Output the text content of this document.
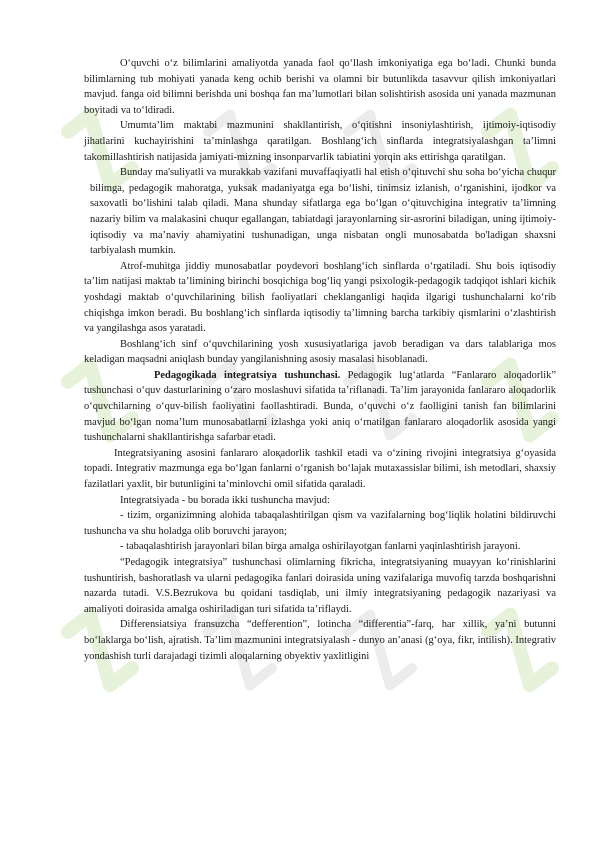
O‘quvchi o‘z bilimlarini amaliyotda yanada faol qo‘llash imkoniyatiga ega bo‘ladi. Chunki bunda bilimlarning tub mohiyati yanada keng ochib berishi va olamni bir butunlikda tasavvur qilish imkoniyatlari mavjud. fanga oid bilimni berishda uni boshqa fan ma’lumotlari bilan solishtirish asosida uni yanada mazmunan boyitadi va to‘ldiradi.

Umumta’lim maktabi mazmunini shakllantirish, o‘qitishni insoniylashtirish, ijtimoiy-iqtisodiy jihatlarini kuchayirishini ta’minlashga qaratilgan. Boshlang‘ich sinflarda integratsiyalashgan ta’limni takomillashtirish natijasida jamiyati-mizning insonparvarlik tabiatini yorqin aks ettirishga qaratilgan.

Bunday ma'suliyatli va murakkab vazifani muvaffaqiyatli hal etish o‘qituvchi shu soha bo‘yicha chuqur bilimga, pedagogik mahoratga, yuksak madaniyatga ega bo‘lishi, tinimsiz izlanish, o‘rganishini, ijodkor va saxovatli bo‘lishini talab qiladi. Mana shunday sifatlarga ega bo‘lgan o‘qituvchigina integrativ ta’limning nazariy bilim va malakasini chuqur egallangan, tabiatdagi jarayonlarning sir-asrorini biladigan, uning ijtimoiy-iqtisodiy va ma’naviy ahamiyatini tushunadigan, unga nisbatan ongli munosabatda bo'ladigan shaxsni tarbiyalash mumkin.

Atrof-muhitga jiddiy munosabatlar poydevori boshlang‘ich sinflarda o‘rgatiladi. Shu bois iqtisodiy ta’lim natijasi maktab ta’limining birinchi bosqichiga bog‘liq yangi psixologik-pedagogik tadqiqot ishlari kichik yoshdagi maktab o‘quvchilarining bilish faoliyatlari cheklanganligi haqida ilgarigi tushunchalarni ko‘rib chiqishga imkon beradi. Bu boshlang‘ich sinflarda iqtisodiy ta’limning barcha tarkibiy qismlarini o‘zlashtirish va yangilashga asos yaratadi.

Boshlang‘ich sinf o‘quvchilarining yosh xususiyatlariga javob beradigan va dars talablariga mos keladigan maqsadni aniqlash bunday yangilanishning asosiy masalasi hisoblanadi.

Pedagogikada integratsiya tushunchasi. Pedagogik lug‘atlarda “Fanlararo aloqadorlik” tushunchasi o‘quv dasturlarining o‘zaro moslashuvi sifatida ta’riflanadi. Ta’lim jarayonida fanlararo aloqadorlik o‘quvchilarning o‘quv-bilish faoliyatini faollashtiradi. Bunda, o‘quvchi o‘z faolligini tanish fan bilimlarini mavjud bo‘lgan noma’lum munosabatlarni izlashga yoki aniq o‘rnatilgan fanlararo aloqadorlik asosida yangi tushunchalarni shakllantirishga safarbar etadi.

Integratsiyaning asosini fanlararo aloқadorlik tashkil etadi va o‘zining rivojini integratsiya g‘oyasida topadi. Integrativ mazmunga ega bo‘lgan fanlarni o‘rganish bo‘lajak mutaxassislar bilimi, ish metodlari, shaxsiy fazilatlari yaxlit, bir butunligini ta’minlovchi omil sifatida qaraladi.

Integratsiyada - bu borada ikki tushuncha mavjud:

- tizim, organizimning alohida tabaqalashtirilgan qism va vazifalarning bog‘liqlik holatini bildiruvchi tushuncha va shu holadga olib boruvchi jarayon;

- tabaqalashtirish jarayonlari bilan birga amalga oshirilayotgan fanlarni yaqinlashtirish jarayoni.

“Pedagogik integratsiya” tushunchasi olimlarning fikricha, integratsiyaning muayyan ko‘rinishlarini tushuntirish, bashoratlash va ularni pedagogika fanlari doirasida uning vazifalariga muvofiq tarzda boshqarishni nazarda tutadi. V.S.Bezrukova bu qoidani tasdiqlab, uni ilmiy integratsiyaning pedagogik nazariyasi va amaliyoti doirasida amalga oshiriladigan turi sifatida ta’riflaydi.

Differensiatsiya fransuzcha “defferention”, lotincha “differentia”-farq, har xillik, ya’ni butunni bo‘laklarga bo‘lish, ajratish. Ta’lim mazmunini integratsiyalash - dunyo an’anasi (g‘oya, fikr, intilish). Integrativ yondashish turli darajadagi tizimli aloqalarning obyektiv yaxlitligini
